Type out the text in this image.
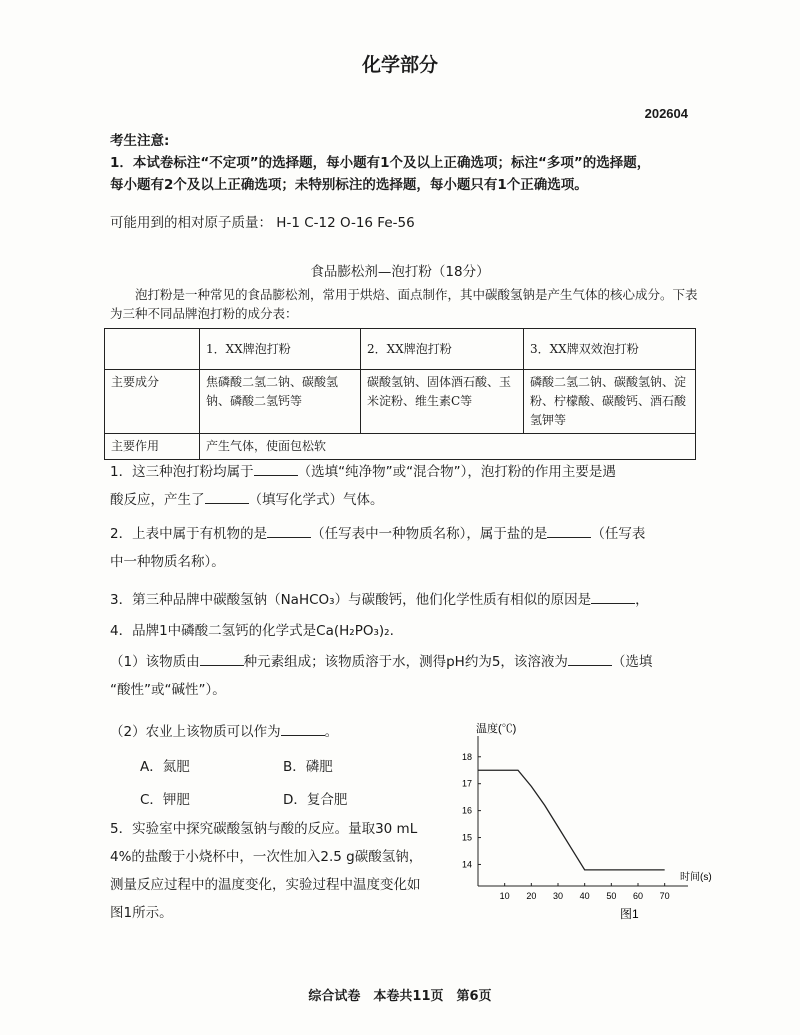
化学部分
202604

考生注意:

1．本试卷标注“不定项”的选择题，每小题有1个及以上正确选项；标注“多项”的选择题，

每小题有2个及以上正确选项；未特别标注的选择题，每小题只有1个正确选项。

可能用到的相对原子质量： H-1 C-12 O-16 Fe-56
食品膨松剂—泡打粉（18分）
泡打粉是一种常见的食品膨松剂，常用于烘焙、面点制作，其中碳酸氢钠是产生气体的核心成分。下表为三种不同品牌泡打粉的成分表：
	1．XX牌泡打粉	2．XX牌泡打粉	3．XX牌双效泡打粉
主要成分	焦磷酸二氢二钠、碳酸氢钠、磷酸二氢钙等	碳酸氢钠、固体酒石酸、玉米淀粉、维生素C等	磷酸二氢二钠、碳酸氢钠、淀粉、柠檬酸、碳酸钙、酒石酸氢钾等
主要作用	产生气体，使面包松软		
1．这三种泡打粉均属于	（选填“纯净物”或“混合物”），泡打粉的作用主要是遇
酸反应，产生了	（填写化学式）气体。
2．上表中属于有机物的是	（任写表中一种物质名称），属于盐的是	（任写表
中一种物质名称）。
3．第三种品牌中碳酸氢钠（NaHCO₃）与碳酸钙，他们化学性质有相似的原因是	，
4．品牌1中磷酸二氢钙的化学式是Ca(H₂PO₃)₂.
（1）该物质由	种元素组成；该物质溶于水，测得pH约为5，该溶液为	（选填
“酸性”或“碱性”）。
（2）农业上该物质可以作为	。
A．氮肥	B．磷肥
C．钾肥	D．复合肥
5．实验室中探究碳酸氢钠与酸的反应。量取30 mL
4%的盐酸于小烧杯中，一次性加入2.5 g碳酸氢钠，
测量反应过程中的温度变化，实验过程中温度变化如
图1所示。
10 20 30 40 50 60 70
14
15
16
17
18
温度(℃)
时间(s)
图1
综合试卷　本卷共11页　第6页
